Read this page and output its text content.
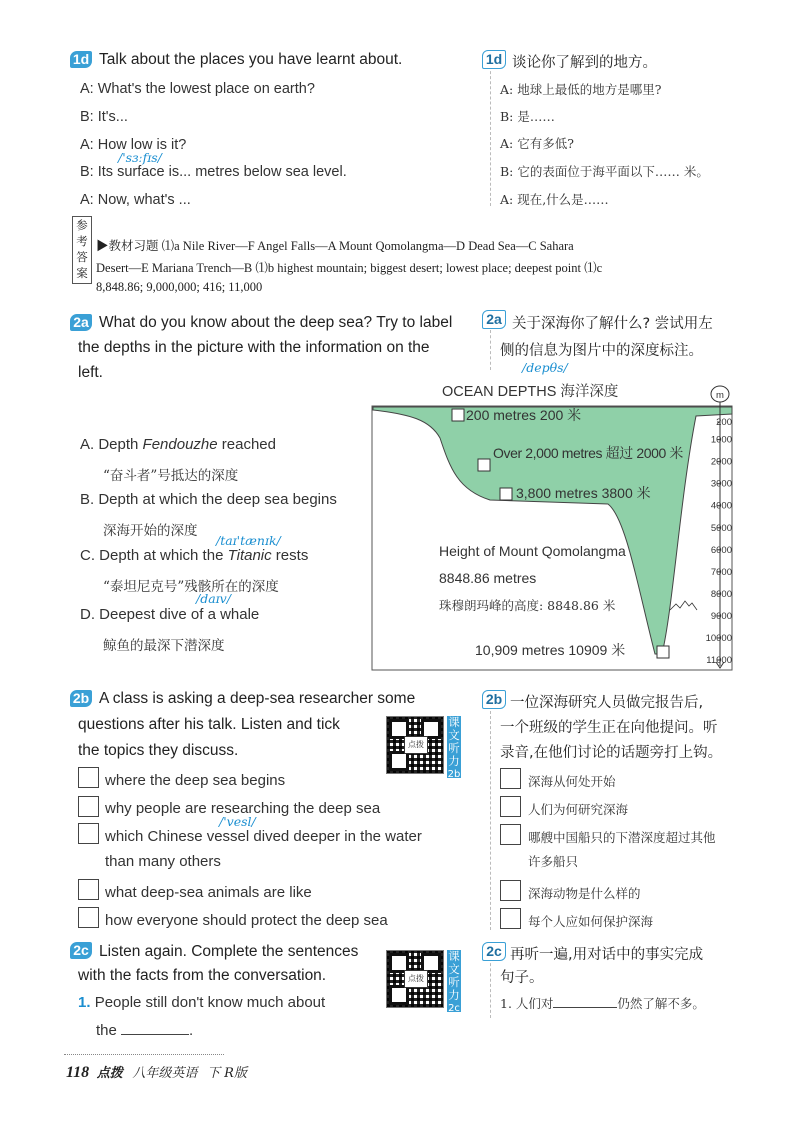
1d Talk about the places you have learnt about.
A: What's the lowest place on earth?
B: It's...
A: How low is it?
/'sɜːfɪs/
B: Its surface is... metres below sea level.
A: Now, what's ...
1d 谈论你了解到的地方。
A: 地球上最低的地方是哪里?
B: 是……
A: 它有多低?
B: 它的表面位于海平面以下…… 米。
A: 现在,什么是……
参考答案
▶教材习题 ⑴a Nile River—F Angel Falls—A Mount Qomolangma—D Dead Sea—C Sahara
Desert—E Mariana Trench—B ⑴b highest mountain; biggest desert; lowest place; deepest point ⑴c
8,848.86; 9,000,000; 416; 11,000
2a What do you know about the deep sea? Try to label
the depths in the picture with the information on the
left.
2a 关于深海你了解什么? 尝试用左
侧的信息为图片中的深度标注。
/depθs/
A. Depth Fendouzhe reached
“奋斗者”号抵达的深度
B. Depth at which the deep sea begins
深海开始的深度
/taɪ'tænɪk/
C. Depth at which the Titanic rests
“泰坦尼克号”残骸所在的深度
/daɪv/
D. Deepest dive of a whale
鲸鱼的最深下潜深度
OCEAN DEPTHS 海洋深度
200 metres 200 米
Over 2,000 metres 超过 2000 米
3,800 metres 3800 米
Height of Mount Qomolangma
8848.86 metres
珠穆朗玛峰的高度: 8848.86 米
10,909 metres 10909 米
m
200
1000
2000
3000
4000
5000
6000
7000
8000
9000
10000
11000
2b A class is asking a deep-sea researcher some
questions after his talk. Listen and tick
the topics they discuss.	点拨
课
文
听
力
2b
where the deep sea begins
why people are researching the deep sea
/'vesl/
which Chinese vessel dived deeper in the water
than many others
what deep-sea animals are like
how everyone should protect the deep sea
2b 一位深海研究人员做完报告后,
一个班级的学生正在向他提问。听
录音,在他们讨论的话题旁打上钩。
深海从何处开始
人们为何研究深海
哪艘中国船只的下潜深度超过其他
许多船只
深海动物是什么样的
每个人应如何保护深海
2c Listen again. Complete the sentences
with the facts from the conversation.	点拨
课
文
听
力
2c
1. People still don't know much about
the	.
2c 再听一遍,用对话中的事实完成
句子。
1. 人们对	仍然了解不多。
118 点拨 八年级英语 下 R版
